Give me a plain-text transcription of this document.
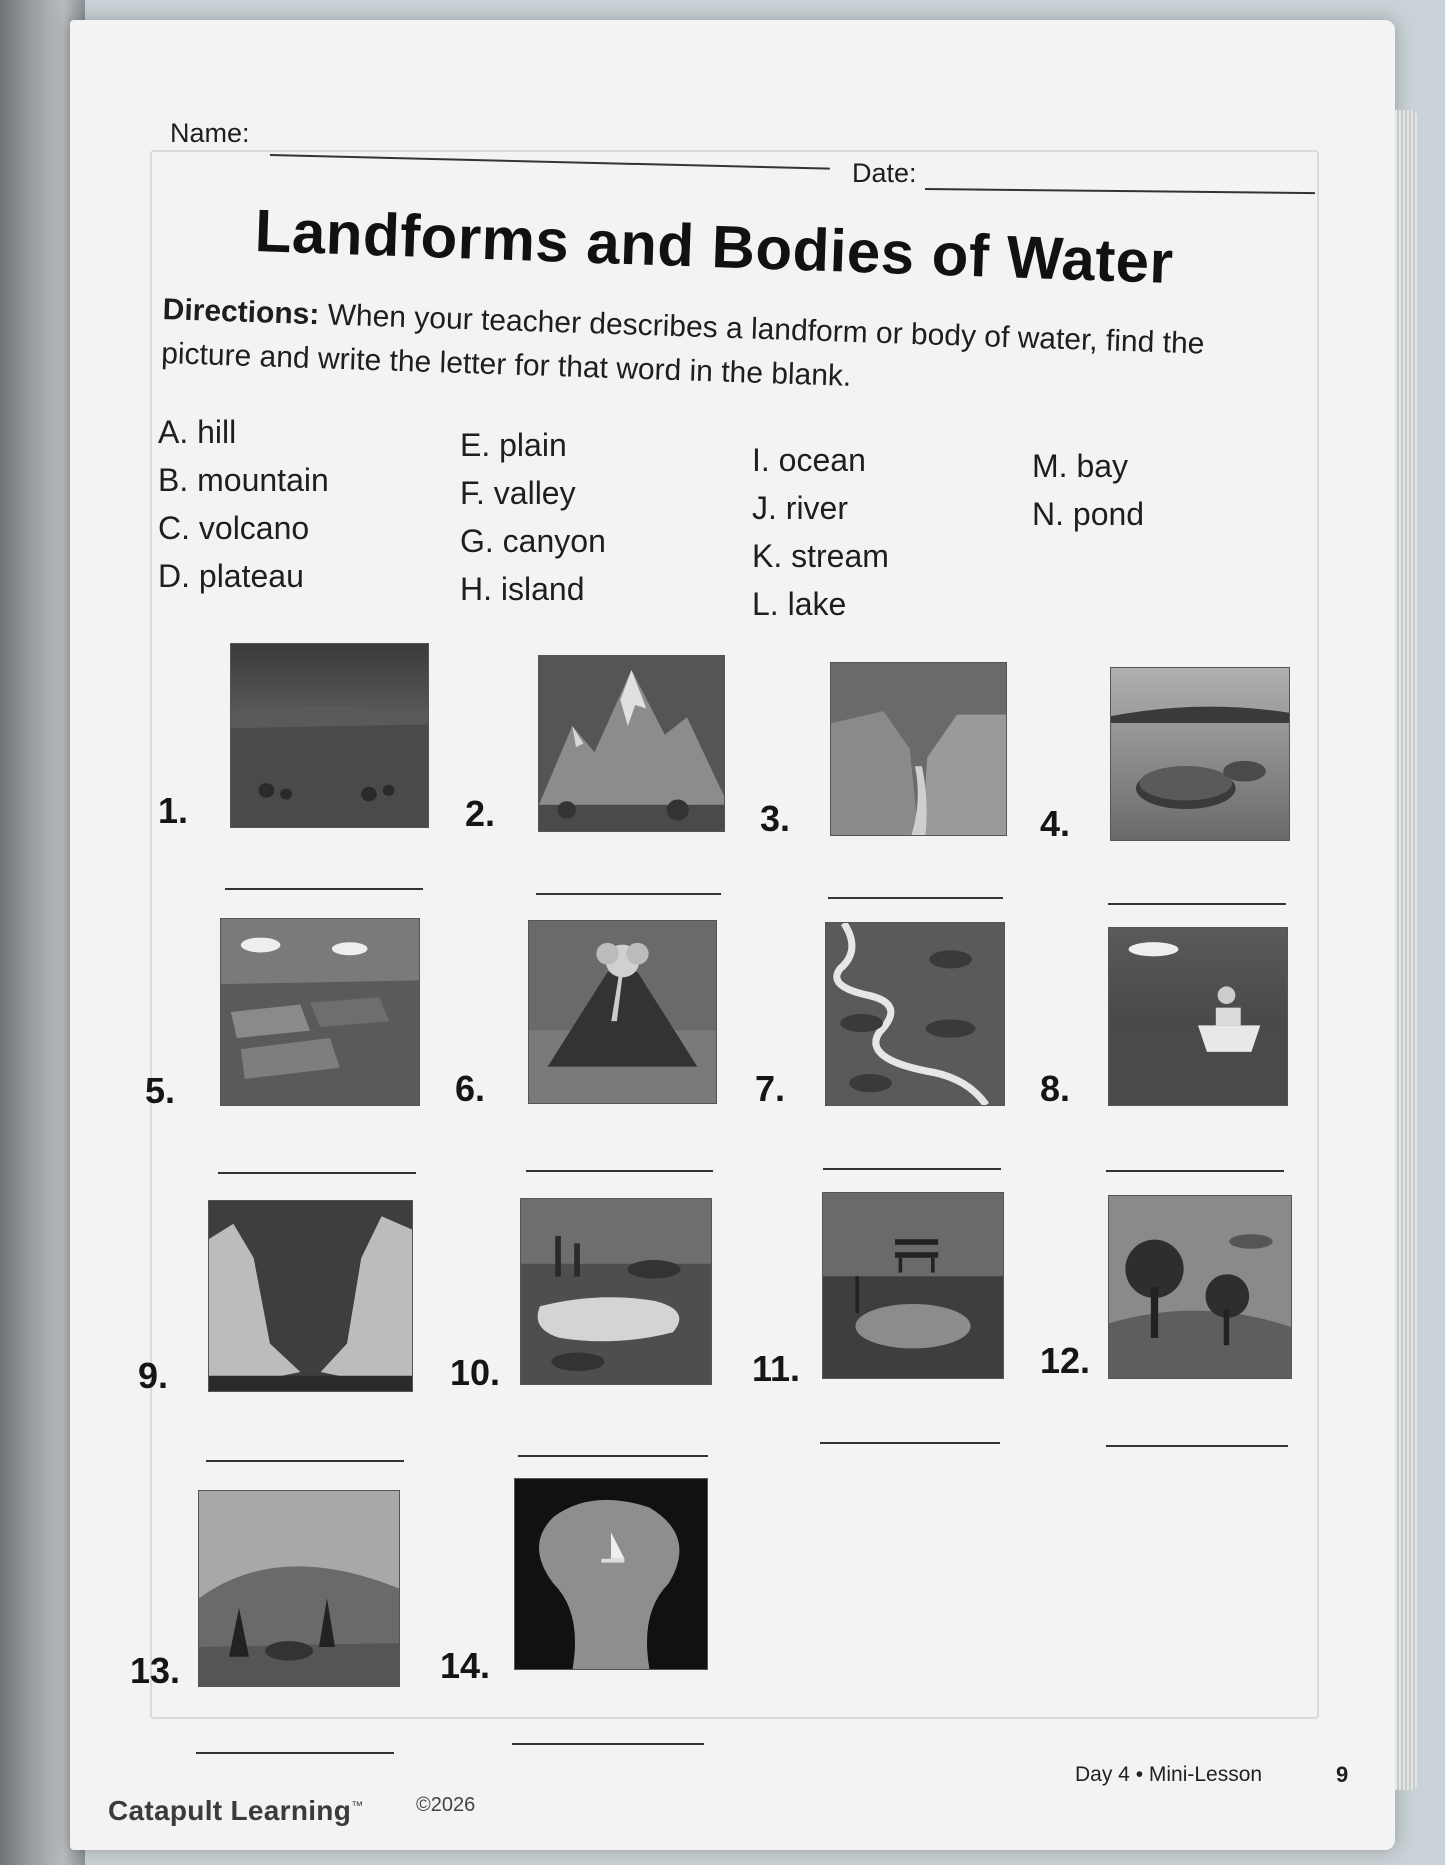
Name:
Date:
Landforms and Bodies of Water
Directions: When your teacher describes a landform or body of water, find the picture and write the letter for that word in the blank.
A. hill
B. mountain
C. volcano
D. plateau
E. plain
F. valley
G. canyon
H. island
I. ocean
J. river
K. stream
L. lake
M. bay
N. pond
1.	2.	3.	4.
5.	6.	7.	8.
9.	10.	11.	12.
13.	14.
Day 4 • Mini-Lesson	9
Catapult Learning™	©2026
